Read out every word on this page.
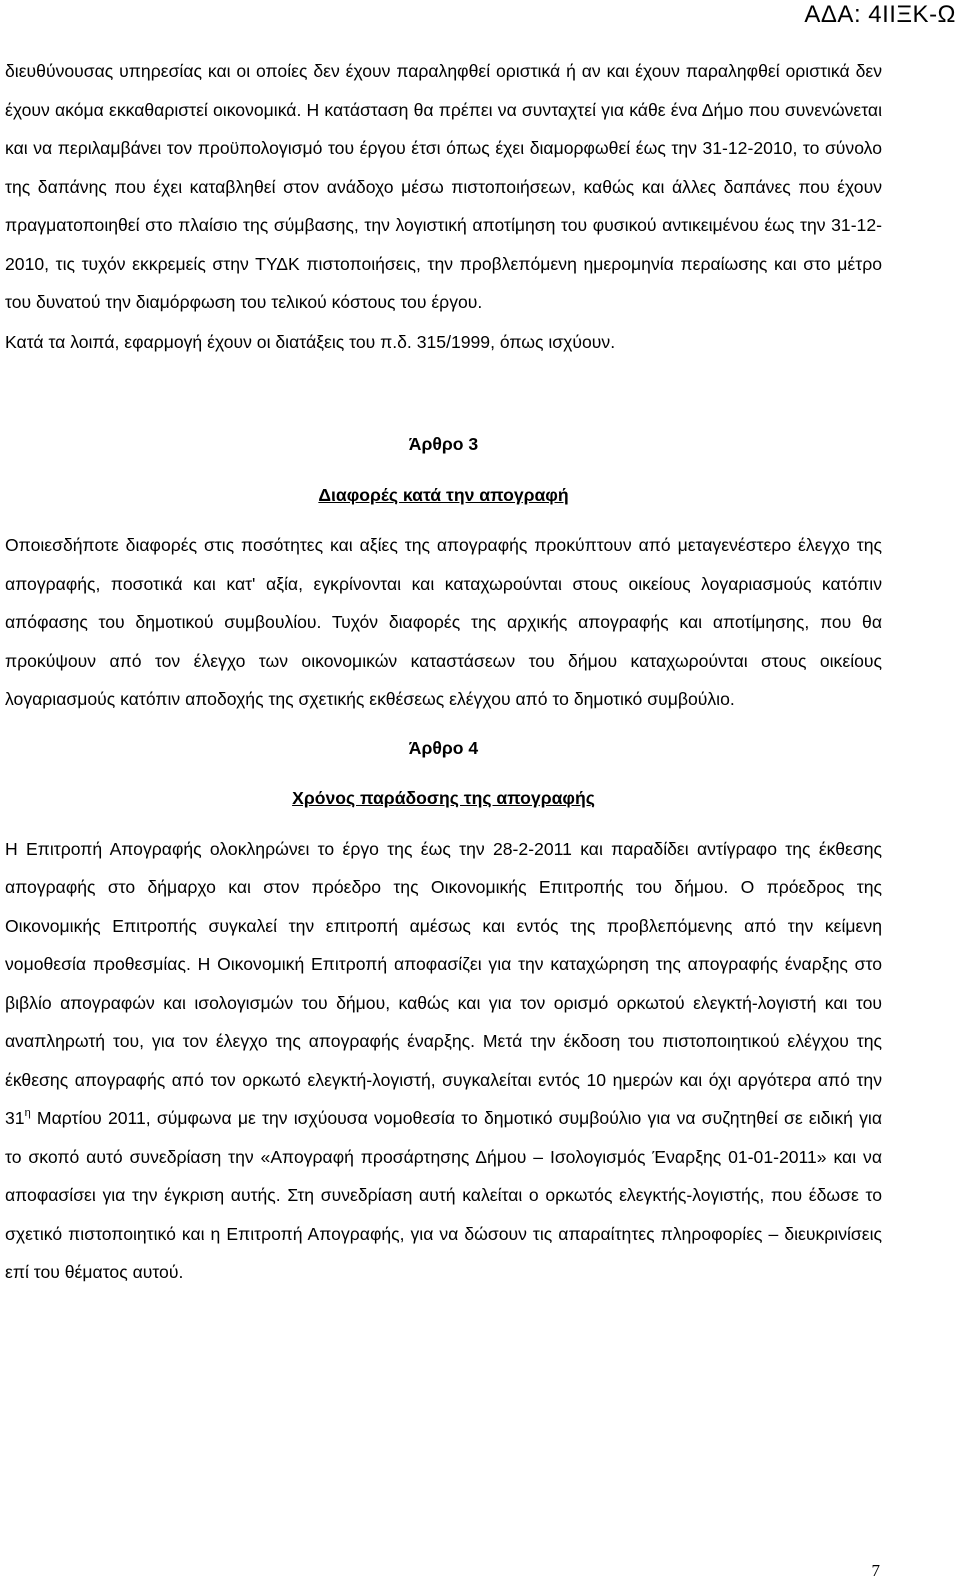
ΑΔΑ: 4ΙΙΞΚ-Ω

διευθύνουσας υπηρεσίας και οι οποίες δεν έχουν παραληφθεί οριστικά ή αν και έχουν παραληφθεί οριστικά δεν έχουν ακόμα εκκαθαριστεί οικονομικά. Η κατάσταση θα πρέπει να συνταχτεί για κάθε ένα Δήμο που συνενώνεται και να περιλαμβάνει τον προϋπολογισμό του έργου έτσι όπως έχει διαμορφωθεί έως την 31-12-2010, το σύνολο της δαπάνης που έχει καταβληθεί στον ανάδοχο μέσω πιστοποιήσεων, καθώς και άλλες δαπάνες που έχουν πραγματοποιηθεί στο πλαίσιο της σύμβασης, την λογιστική αποτίμηση του φυσικού αντικειμένου έως την 31-12-2010, τις τυχόν εκκρεμείς στην ΤΥΔΚ πιστοποιήσεις, την προβλεπόμενη ημερομηνία περαίωσης και στο μέτρο του δυνατού την διαμόρφωση του τελικού κόστους του έργου.

Κατά τα λοιπά, εφαρμογή έχουν οι διατάξεις του π.δ. 315/1999, όπως ισχύουν.

Άρθρο 3

Διαφορές κατά την απογραφή

Οποιεσδήποτε διαφορές στις ποσότητες και αξίες της απογραφής προκύπτουν από μεταγενέστερο έλεγχο της απογραφής, ποσοτικά και κατ' αξία, εγκρίνονται και καταχωρούνται στους οικείους λογαριασμούς κατόπιν απόφασης του δημοτικού συμβουλίου. Τυχόν διαφορές της αρχικής απογραφής και αποτίμησης, που θα προκύψουν από τον έλεγχο των οικονομικών καταστάσεων του δήμου καταχωρούνται στους οικείους λογαριασμούς κατόπιν αποδοχής της σχετικής εκθέσεως ελέγχου από το δημοτικό συμβούλιο.

Άρθρο 4

Χρόνος παράδοσης της απογραφής

Η Επιτροπή Απογραφής ολοκληρώνει το έργο της έως την 28-2-2011 και παραδίδει αντίγραφο της έκθεσης απογραφής στο δήμαρχο και στον πρόεδρο της Οικονομικής Επιτροπής του δήμου. Ο πρόεδρος της Οικονομικής Επιτροπής συγκαλεί την επιτροπή αμέσως και εντός της προβλεπόμενης από την κείμενη νομοθεσία προθεσμίας. Η Οικονομική Επιτροπή αποφασίζει για την καταχώρηση της απογραφής έναρξης στο βιβλίο απογραφών και ισολογισμών του δήμου, καθώς και για τον ορισμό ορκωτού ελεγκτή-λογιστή και του αναπληρωτή του, για τον έλεγχο της απογραφής έναρξης. Μετά την έκδοση του πιστοποιητικού ελέγχου της έκθεσης απογραφής από τον ορκωτό ελεγκτή-λογιστή, συγκαλείται εντός 10 ημερών και όχι αργότερα από την $31^\eta$ Μαρτίου 2011, σύμφωνα με την ισχύουσα νομοθεσία το δημοτικό συμβούλιο για να συζητηθεί σε ειδική για το σκοπό αυτό συνεδρίαση την «Απογραφή προσάρτησης Δήμου – Ισολογισμός Έναρξης 01-01-2011» και να αποφασίσει για την έγκριση αυτής. Στη συνεδρίαση αυτή καλείται ο ορκωτός ελεγκτής-λογιστής, που έδωσε το σχετικό πιστοποιητικό και η Επιτροπή Απογραφής, για να δώσουν τις απαραίτητες πληροφορίες – διευκρινίσεις επί του θέματος αυτού.

7
